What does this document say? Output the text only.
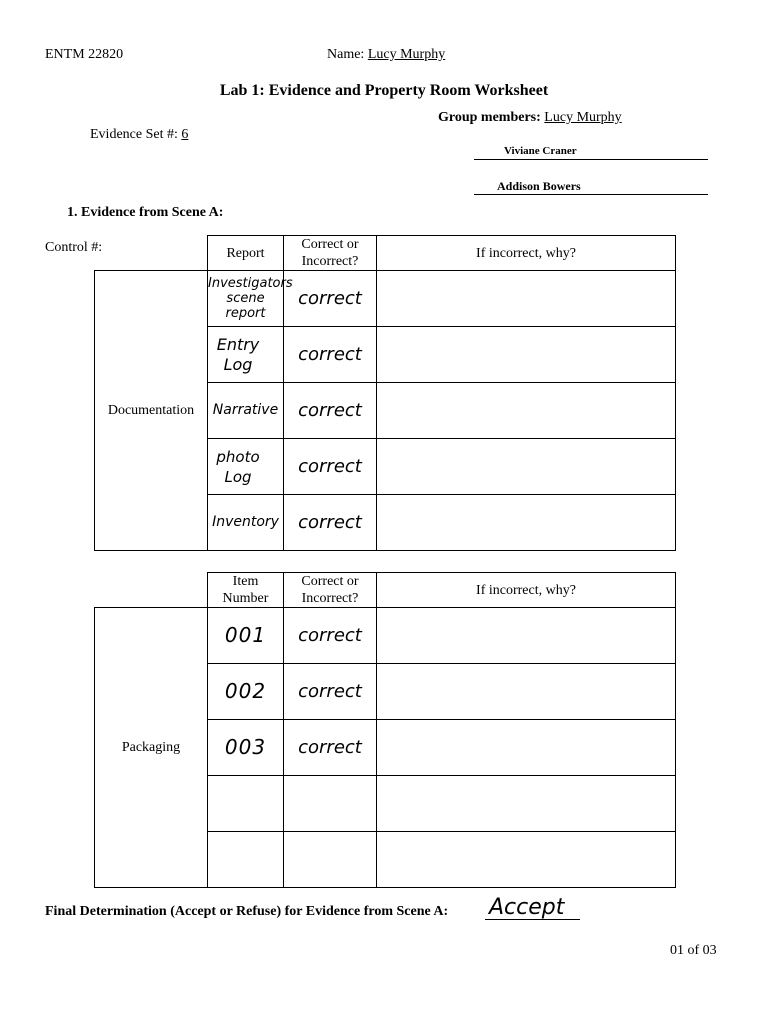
ENTM 22820	Name: Lucy Murphy
Lab 1: Evidence and Property Room Worksheet
Group members: Lucy Murphy
Evidence Set #: 6
Viviane Craner
Addison Bowers
1. Evidence from Scene A:
Control #:
		Report	Correct or Incorrect?	If incorrect, why?
Documentation	Investigators scene report	correct	

	Entry Log	correct	

	Narrative	correct	

	photo Log	correct	

	Inventory	correct	

	Item Number	Correct or Incorrect?	If incorrect, why?
Packaging	001	correct	

	002	correct	

	003	correct	

Final Determination (Accept or Refuse) for Evidence from Scene A: Accept
01 of 03
